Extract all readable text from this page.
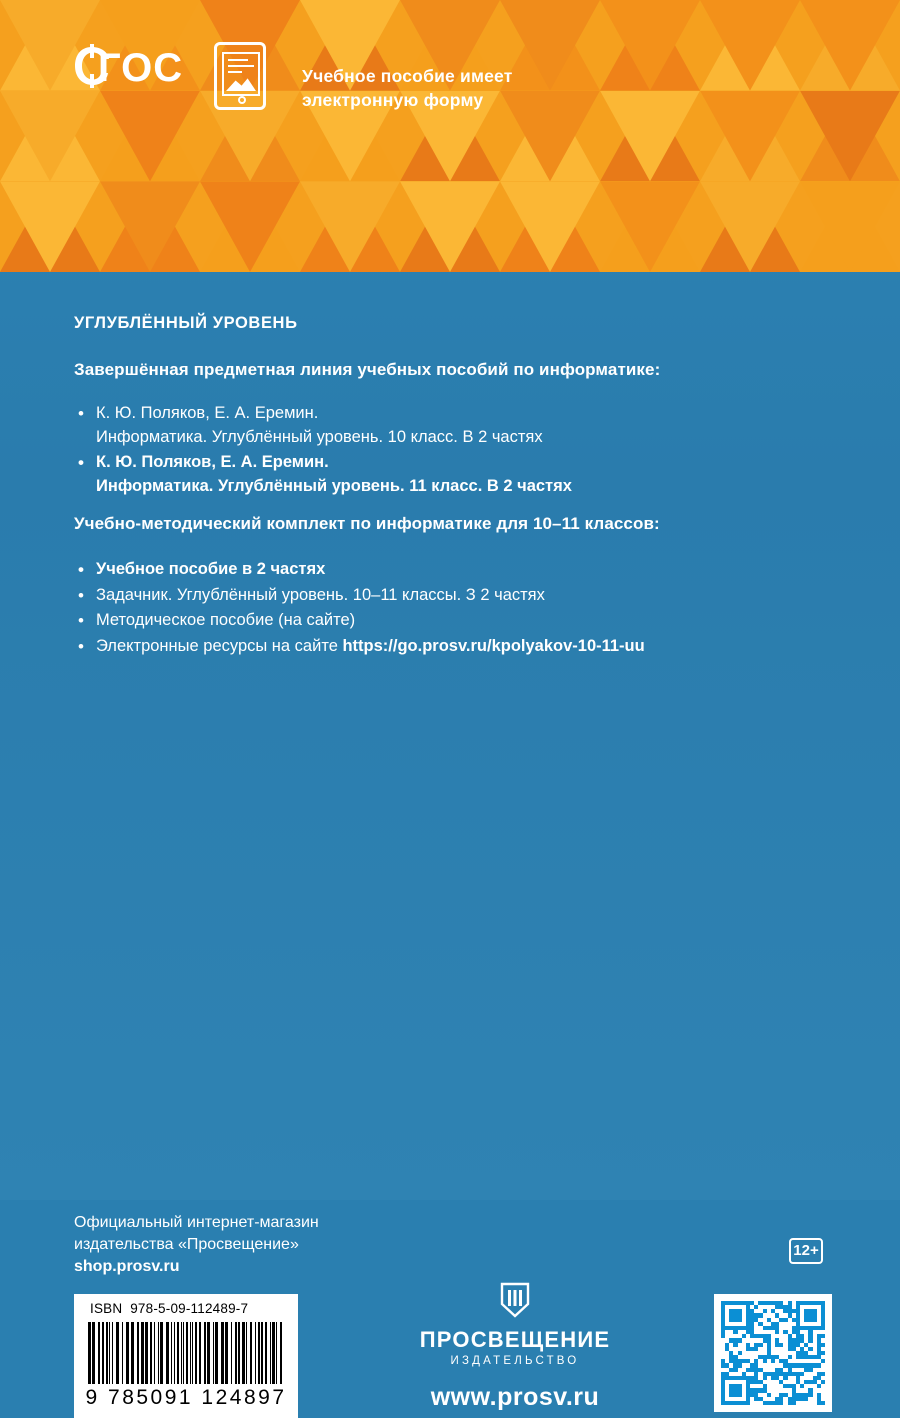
ГОС	Учебное пособие имеет
электронную форму
УГЛУБЛЁННЫЙ УРОВЕНЬ
Завершённая предметная линия учебных пособий по информатике:
• К. Ю. Поляков, Е. А. Еремин.
Информатика. Углублённый уровень. 10 класс. В 2 частях
• К. Ю. Поляков, Е. А. Еремин.
Информатика. Углублённый уровень. 11 класс. В 2 частях
Учебно-методический комплект по информатике для 10–11 классов:
• Учебное пособие в 2 частях
• Задачник. Углублённый уровень. 10–11 классы. З 2 частях
• Методическое пособие (на сайте)
• Электронные ресурсы на сайте https://go.prosv.ru/kpolyakov-10-11-uu
Официальный интернет-магазин
издательства «Просвещение»
shop.prosv.ru
12+
ISBN 978-5-09-112489-7
9 785091 124897
ПРОСВЕЩЕНИЕ
ИЗДАТЕЛЬСТВО
www.prosv.ru
